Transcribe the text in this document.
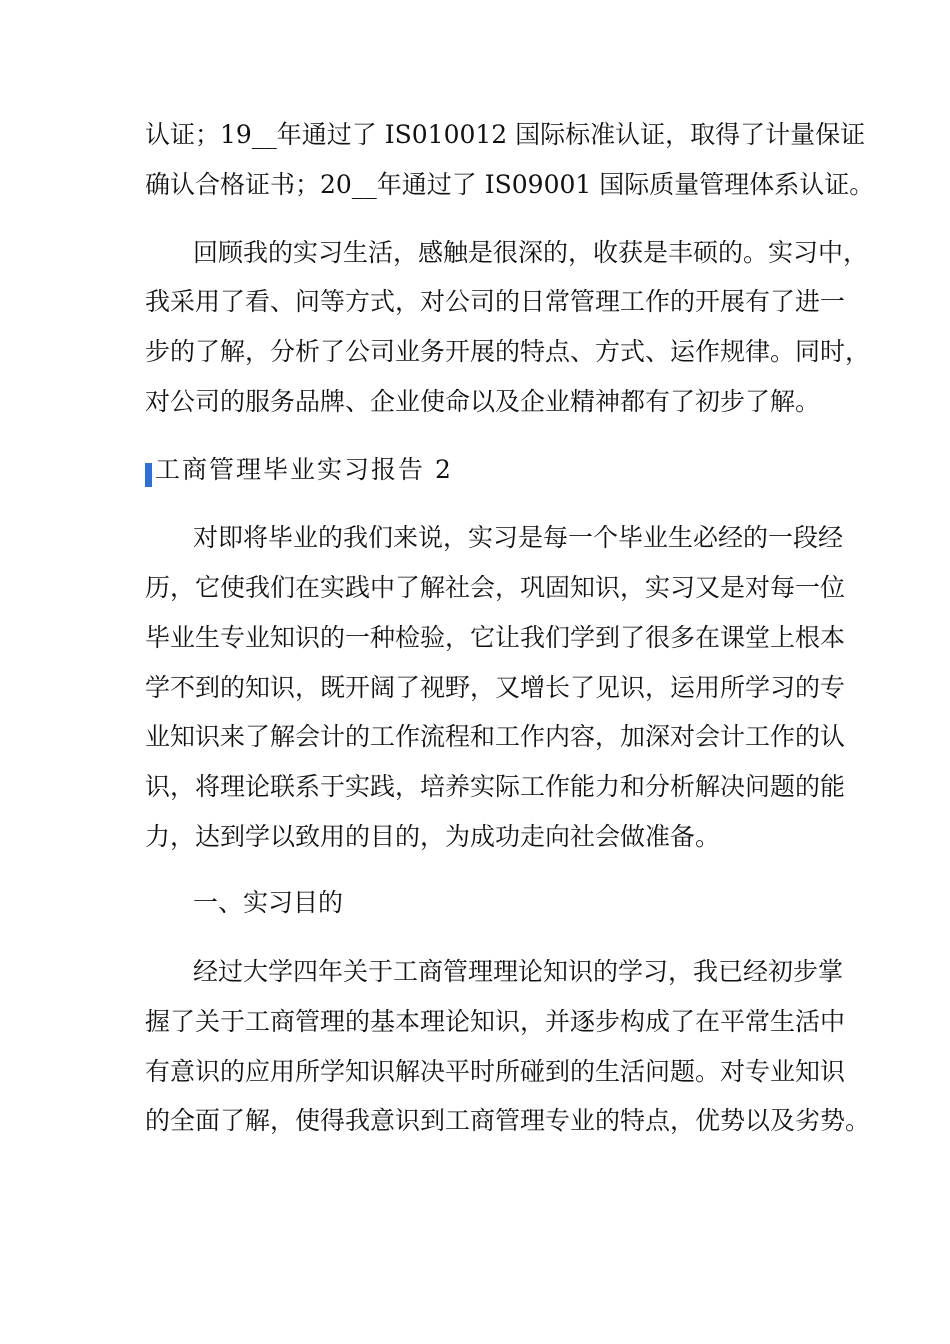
认证；19__年通过了 IS010012 国际标准认证，取得了计量保证

确认合格证书；20__年通过了 IS09001 国际质量管理体系认证。

回顾我的实习生活，感触是很深的，收获是丰硕的。实习中，

我采用了看、问等方式，对公司的日常管理工作的开展有了进一

步的了解，分析了公司业务开展的特点、方式、运作规律。同时，

对公司的服务品牌、企业使命以及企业精神都有了初步了解。

工商管理毕业实习报告 2

对即将毕业的我们来说，实习是每一个毕业生必经的一段经

历，它使我们在实践中了解社会，巩固知识，实习又是对每一位

毕业生专业知识的一种检验，它让我们学到了很多在课堂上根本

学不到的知识，既开阔了视野，又增长了见识，运用所学习的专

业知识来了解会计的工作流程和工作内容，加深对会计工作的认

识，将理论联系于实践，培养实际工作能力和分析解决问题的能

力，达到学以致用的目的，为成功走向社会做准备。

一、实习目的

经过大学四年关于工商管理理论知识的学习，我已经初步掌

握了关于工商管理的基本理论知识，并逐步构成了在平常生活中

有意识的应用所学知识解决平时所碰到的生活问题。对专业知识

的全面了解，使得我意识到工商管理专业的特点，优势以及劣势。
